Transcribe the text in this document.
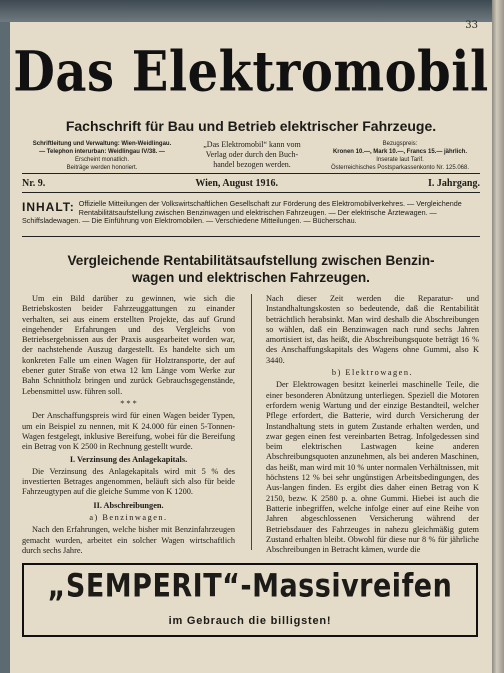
33
Das Elektromobil
Fachschrift für Bau und Betrieb elektrischer Fahrzeuge.
Schriftleitung und Verwaltung: Wien-Weidlingau.
— Telephon interurban: Weidlingau IV/38. —
Erscheint monatlich.
Beiträge werden honoriert.
„Das Elektromobil“ kann vom
Verlag oder durch den Buch-
handel bezogen werden.
Bezugspreis:
Kronen 10.—, Mark 10.—, Francs 15.— jährlich.
Inserate laut Tarif.
Österreichisches Postsparkassenkonto Nr. 125.068.
Nr. 9.	Wien, August 1916.	I. Jahrgang.
INHALT: Offizielle Mitteilungen der Volkswirtschaftlichen Gesellschaft zur Förderung des Elektromobilverkehres. — Vergleichende Rentabilitätsaufstellung zwischen Benzinwagen und elektrischen Fahrzeugen. — Der elektrische Ärztewagen. — Schiffsladewagen. — Die Einführung von Elektromobilen. — Verschiedene Mitteilungen. — Bücherschau.
Vergleichende Rentabilitätsaufstellung zwischen Benzin-
wagen und elektrischen Fahrzeugen.

Um ein Bild darüber zu gewinnen, wie sich die Betriebskosten beider Fahrzeuggattungen zu einander verhalten, sei aus einem erstellten Projekte, das auf Grund eingehender Erfahrungen und des Vergleichs von Betriebsergebnissen aus der Praxis ausgearbeitet worden war, der nachstehende Auszug dargestellt. Es handelte sich um konkreten Falle um einen Wagen für Holztransporte, der auf ebener guter Straße von etwa 12 km Länge vom Werke zur Bahn Schnittholz bringen und zurück Gebrauchsgegenstände, Lebensmittel usw. führen soll.

* * *

Der Anschaffungspreis wird für einen Wagen beider Typen, um ein Beispiel zu nennen, mit K 24.000 für einen 5-Tonnen-Wagen festgelegt, inklusive Bereifung, wobei für die Bereifung ein Betrag von K 2500 in Rechnung gestellt wurde.

I. Verzinsung des Anlagekapitals.

Die Verzinsung des Anlagekapitals wird mit 5 % des investierten Betrages angenommen, beläuft sich also für beide Fahrzeugtypen auf die gleiche Summe von K 1200.

II. Abschreibungen.

a) Benzinwagen.

Nach den Erfahrungen, welche bisher mit Benzinfahrzeugen gemacht wurden, arbeitet ein solcher Wagen wirtschaftlich durch sechs Jahre.

Nach dieser Zeit werden die Reparatur- und Instandhaltungskosten so bedeutende, daß die Rentabilität beträchtlich herabsinkt. Man wird deshalb die Abschreibungen so wählen, daß ein Benzinwagen nach rund sechs Jahren amortisiert ist, das heißt, die Abschreibungsquote beträgt 16 % des Anschaffungskapitals des Wagens ohne Gummi, also K 3440.

b) Elektrowagen.

Der Elektrowagen besitzt keinerlei maschinelle Teile, die einer besonderen Abnützung unterliegen. Speziell die Motoren erfordern wenig Wartung und der einzige Bestandteil, welcher Pflege erfordert, die Batterie, wird durch Versicherung der Instandhaltung stets in gutem Zustande erhalten werden, und zwar gegen einen fest vereinbarten Betrag. Infolgedessen sind beim elektrischen Lastwagen keine anderen Abschreibungsquoten anzunehmen, als bei anderen Maschinen, das heißt, man wird mit 10 % unter normalen Verhältnissen, mit höchstens 12 % bei sehr ungünstigen Arbeitsbedingungen, des Aus-langen finden. Es ergibt dies daher einen Betrag von K 2150, bezw. K 2580 p. a. ohne Gummi. Hiebei ist auch die Batterie inbegriffen, welche infolge einer auf eine Reihe von Jahren abgeschlossenen Versicherung während der Betriebsdauer des Fahrzeuges in nahezu gleichmäßig gutem Zustand erhalten bleibt. Obwohl für diese nur 8 % für jährliche Abschreibungen in Betracht kämen, wurde die

„SEMPERIT“-Massivreifen
im Gebrauch die billigsten!
